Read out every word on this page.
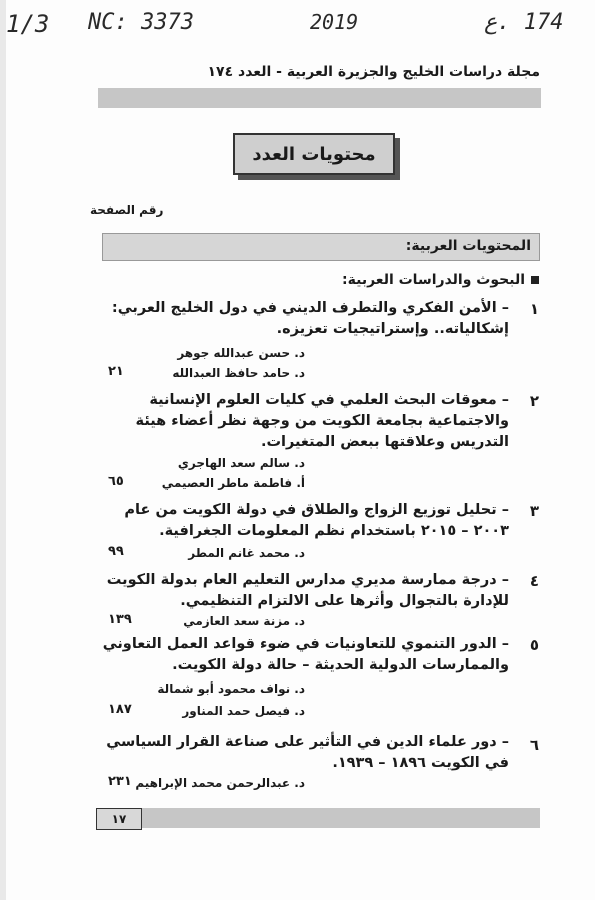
1/3 NC: 3373	2019	174 .ع
مجلة دراسات الخليج والجزيرة العربية - العدد ١٧٤
محتويات العدد
رقم الصفحة
المحتويات العربية:
البحوث والدراسات العربية:
١
– الأمن الفكري والتطرف الديني في دول الخليج العربي: إشكالياته.. وإستراتيجيات تعزيزه.
د. حسن عبدالله جوهر
د. حامد حافظ العبدالله
٢١
٢
– معوقات البحث العلمي في كليات العلوم الإنسانية والاجتماعية بجامعة الكويت من وجهة نظر أعضاء هيئة التدريس وعلاقتها ببعض المتغيرات.
د. سالم سعد الهاجري
أ. فاطمة ماطر العصيمي
٦٥
٣
– تحليل توزيع الزواج والطلاق في دولة الكويت من عام ٢٠٠٣ – ٢٠١٥ باستخدام نظم المعلومات الجغرافية.
د. محمد غانم المطر
٩٩
٤
– درجة ممارسة مديري مدارس التعليم العام بدولة الكويت للإدارة بالتجوال وأثرها على الالتزام التنظيمي.
د. مزنة سعد العازمي
١٣٩
٥
– الدور التنموي للتعاونيات في ضوء قواعد العمل التعاوني والممارسات الدولية الحديثة – حالة دولة الكويت.
د. نواف محمود أبو شمالة
د. فيصل حمد المناور
١٨٧
٦
– دور علماء الدين في التأثير على صناعة القرار السياسي في الكويت ١٨٩٦ – ١٩٣٩.
د. عبدالرحمن محمد الإبراهيم
٢٣١
١٧
